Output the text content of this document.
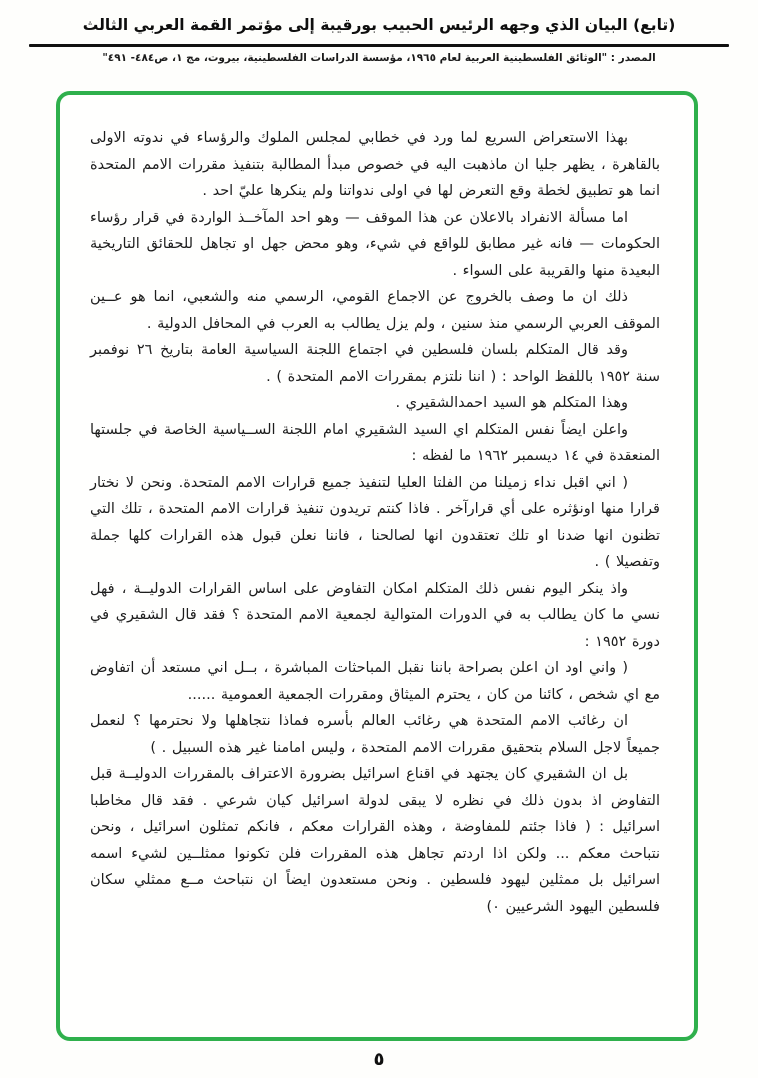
(تابع) البيان الذي وجهه الرئيس الحبيب بورقيبة إلى مؤتمر القمة العربي الثالث
المصدر : "الوثائق الفلسطينية العربية لعام ١٩٦٥، مؤسسة الدراسات الفلسطينية، بيروت، مج ١، ص٤٨٤- ٤٩١"

بهذا الاستعراض السريع لما ورد في خطابي لمجلس الملوك والرؤساء في ندوته الاولى بالقاهرة ، يظهر جليا ان ماذهبت اليه في خصوص مبدأ المطالبة بتنفيذ مقررات الامم المتحدة انما هو تطبيق لخطة وقع التعرض لها في اولى ندواتنا ولم ينكرها عليّ احد .

اما مسألة الانفراد بالاعلان عن هذا الموقف — وهو احد المآخــذ الواردة في قرار رؤساء الحكومات — فانه غير مطابق للواقع في شيء، وهو محض جهل او تجاهل للحقائق التاريخية البعيدة منها والقريبة على السواء .

ذلك ان ما وصف بالخروج عن الاجماع القومي، الرسمي منه والشعبي، انما هو عــين الموقف العربي الرسمي منذ سنين ، ولم يزل يطالب به العرب في المحافل الدولية .

وقد قال المتكلم بلسان فلسطين في اجتماع اللجنة السياسية العامة بتاريخ ٢٦ نوفمبر سنة ١٩٥٢ باللفظ الواحد : ( اننا نلتزم بمقررات الامم المتحدة ) .

وهذا المتكلم هو السيد احمدالشقيري .

واعلن ايضاً نفس المتكلم اي السيد الشقيري امام اللجنة الســياسية الخاصة في جلستها المنعقدة في ١٤ ديسمبر ١٩٦٢ ما لفظه :

( اني اقبل نداء زميلنا من الفلتا العليا لتنفيذ جميع قرارات الامم المتحدة. ونحن لا نختار قرارا منها اونؤثره على أي قرارآخر . فاذا كنتم تريدون تنفيذ قرارات الامم المتحدة ، تلك التي تظنون انها ضدنا او تلك تعتقدون انها لصالحنا ، فاننا نعلن قبول هذه القرارات كلها جملة وتفصيلا ) .

واذ ينكر اليوم نفس ذلك المتكلم امكان التفاوض على اساس القرارات الدوليــة ، فهل نسي ما كان يطالب به في الدورات المتوالية لجمعية الامم المتحدة ؟ فقد قال الشقيري في دورة ١٩٥٢ :

( واني اود ان اعلن بصراحة باننا نقبل المباحثات المباشرة ، بــل اني مستعد أن اتفاوض مع اي شخص ، كائنا من كان ، يحترم الميثاق ومقررات الجمعية العمومية ......

ان رغائب الامم المتحدة هي رغائب العالم بأسره فماذا نتجاهلها ولا نحترمها ؟ لنعمل جميعاً لاجل السلام بتحقيق مقررات الامم المتحدة ، وليس امامنا غير هذه السبيل . )

بل ان الشقيري كان يجتهد في اقناع اسرائيل بضرورة الاعتراف بالمقررات الدوليــة قبل التفاوض اذ بدون ذلك في نظره لا يبقى لدولة اسرائيل كيان شرعي . فقد قال مخاطبا اسرائيل : ( فاذا جئتم للمفاوضة ، وهذه القرارات معكم ، فانكم تمثلون اسرائيل ، ونحن نتباحث معكم ... ولكن اذا اردتم تجاهل هذه المقررات فلن تكونوا ممثلــين لشيء اسمه اسرائيل بل ممثلين ليهود فلسطين . ونحن مستعدون ايضاً ان نتباحث مــع ممثلي سكان فلسطين اليهود الشرعيين ٠)

٥
